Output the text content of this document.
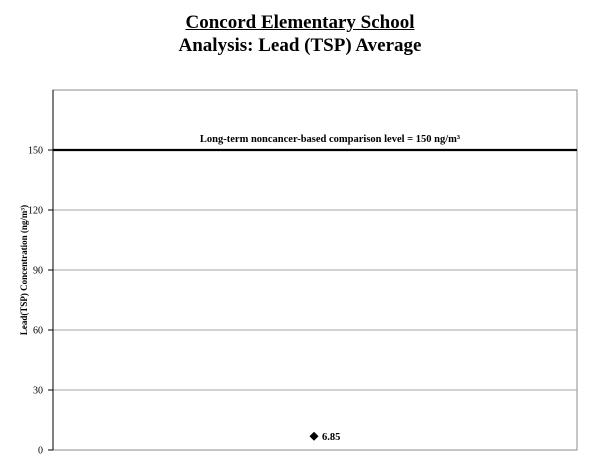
Concord Elementary School
Analysis: Lead (TSP) Average
0
30
60
90
120
150
Lead(TSP) Concentration (ng/m³)
Long-term noncancer-based comparison level = 150 ng/m³
6.85
